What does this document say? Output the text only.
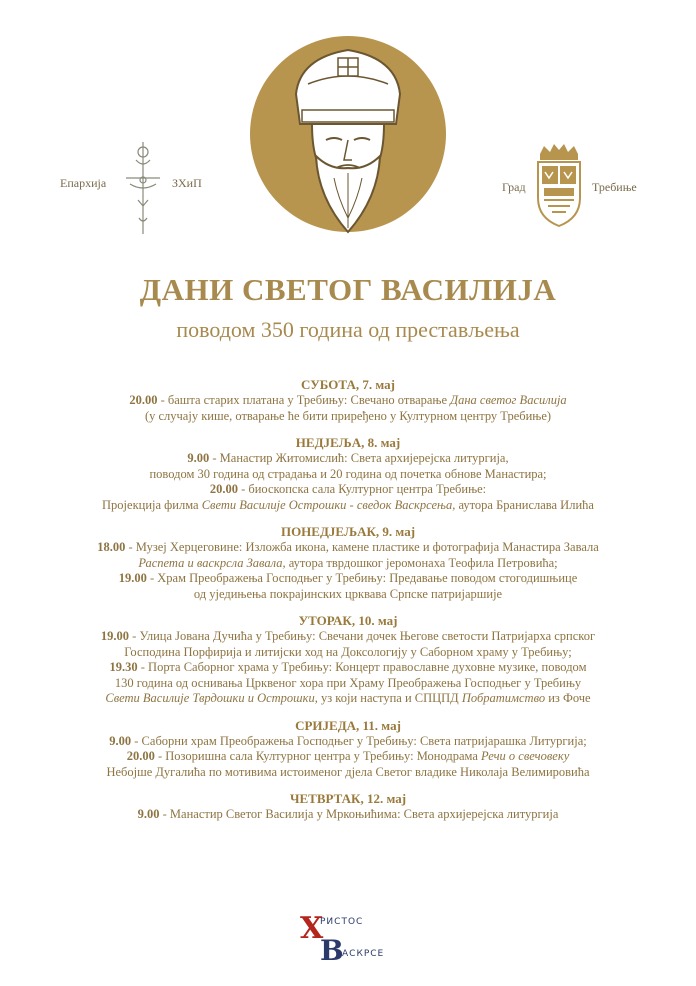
Епархија	ЗХиП	Град	Требиње
ДАНИ СВЕТОГ ВАСИЛИЈА
поводом 350 година од престављења
СУБОТА, 7. мај
20.00 - башта старих платана у Требињу: Свечано отварање Дана светог Василија
(у случају кише, отварање ће бити приређено у Културном центру Требиње)
НЕДЈЕЉА, 8. мај
9.00 - Манастир Житомислић: Света архијерејска литургија,
поводом 30 година од страдања и 20 година од почетка обнове Манастира;
20.00 - биоскопска сала Културног центра Требиње:
Пројекција филма Свети Василије Острошки - сведок Васкрсења, аутора Бранислава Илића
ПОНЕДЈЕЉАК, 9. мај
18.00 - Музеј Херцеговине: Изложба икона, камене пластике и фотографија Манастира Завала
Распета и васкрсла Завала, аутора тврдошког јеромонаха Теофила Петровића;
19.00 - Храм Преображења Господњег у Требињу: Предавање поводом стогодишњице
од уједињења покрајинских црквава Српске патријаршије
УТОРАК, 10. мај
19.00 - Улица Јована Дучића у Требињу: Свечани дочек Његове светости Патријарха српског
Господина Порфирија и литијски ход на Доксологију у Саборном храму у Требињу;
19.30 - Порта Саборног храма у Требињу: Концерт православне духовне музике, поводом
130 година од оснивања Црквеног хора при Храму Преображења Господњег у Требињу
Свети Василије Тврдошки и Острошки, уз који наступа и СПЦПД Побратимство из Фоче
СРИЈЕДА, 11. мај
9.00 - Саборни храм Преображења Господњег у Требињу: Света патријарашка Литургија;
20.00 - Позоришна сала Културног центра у Требињу: Монодрама Речи о свечовеку
Небојше Дугалића по мотивима истоименог дјела Светог владике Николаја Велимировића
ЧЕТВРТАК, 12. мај
9.00 - Манастир Светог Василија у Мркоњићима: Света архијерејска литургија
Х
В
РИСТОС
АСКРСЕ
